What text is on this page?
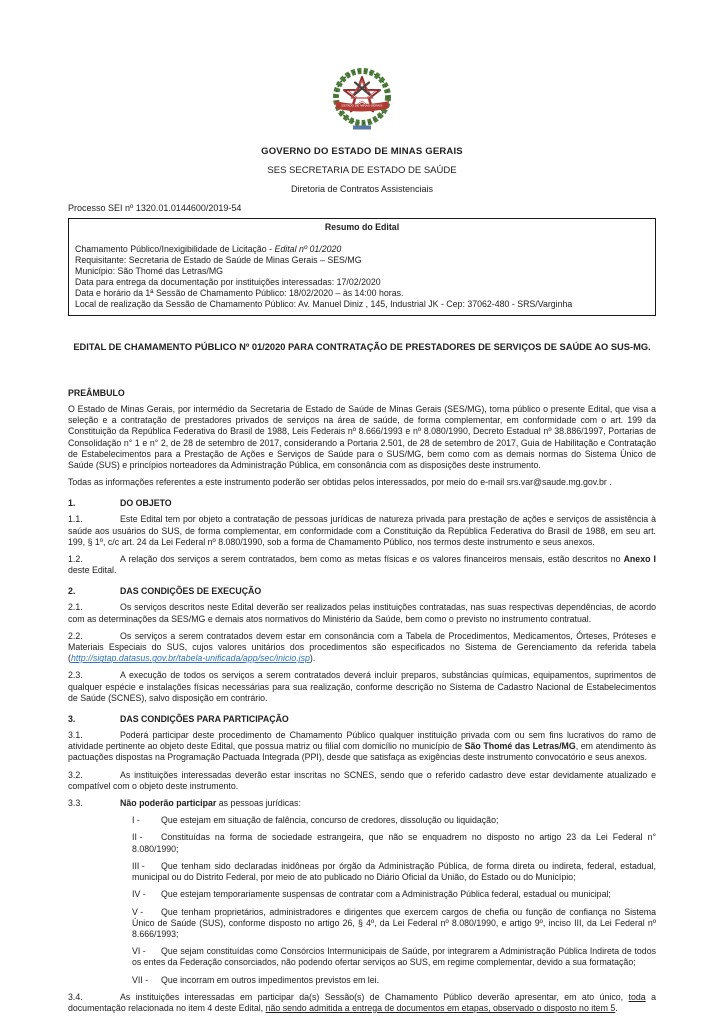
ESTADO DE MINAS GERAIS
GOVERNO DO ESTADO DE MINAS GERAIS
SES SECRETARIA DE ESTADO DE SAÚDE
Diretoria de Contratos Assistenciais
Processo SEI nº 1320.01.0144600/2019-54
Resumo do Edital
Chamamento Público/Inexigibilidade de Licitação - Edital nº 01/2020
Requisitante: Secretaria de Estado de Saúde de Minas Gerais – SES/MG
Município: São Thomé das Letras/MG
Data para entrega da documentação por instituições interessadas: 17/02/2020
Data e horário da 1ª Sessão de Chamamento Público: 18/02/2020 – às 14:00 horas.
Local de realização da Sessão de Chamamento Público: Av. Manuel Diniz , 145, Industrial JK - Cep: 37062-480 - SRS/Varginha
EDITAL DE CHAMAMENTO PÚBLICO Nº 01/2020 PARA CONTRATAÇÃO DE PRESTADORES DE SERVIÇOS DE SAÚDE AO SUS-MG.
PREÂMBULO

O Estado de Minas Gerais, por intermédio da Secretaria de Estado de Saúde de Minas Gerais (SES/MG), torna público o presente Edital, que visa a seleção e a contratação de prestadores privados de serviços na área de saúde, de forma complementar, em conformidade com o art. 199 da Constituição da República Federativa do Brasil de 1988, Leis Federais nº 8.666/1993 e nº 8.080/1990, Decreto Estadual nº 38.886/1997, Portarias de Consolidação n° 1 e n° 2, de 28 de setembro de 2017, considerando a Portaria 2.501, de 28 de setembro de 2017, Guia de Habilitação e Contratação de Estabelecimentos para a Prestação de Ações e Serviços de Saúde para o SUS/MG, bem como com as demais normas do Sistema Único de Saúde (SUS) e princípios norteadores da Administração Pública, em consonância com as disposições deste instrumento.

Todas as informações referentes a este instrumento poderão ser obtidas pelos interessados, por meio do e-mail srs.var@saude.mg.gov.br .

1.	DO OBJETO

1.1.	Este Edital tem por objeto a contratação de pessoas jurídicas de natureza privada para prestação de ações e serviços de assistência à saúde aos usuários do SUS, de forma complementar, em conformidade com a Constituição da República Federativa do Brasil de 1988, em seu art. 199, § 1º, c/c art. 24 da Lei Federal nº 8.080/1990, sob a forma de Chamamento Público, nos termos deste instrumento e seus anexos.

1.2.	A relação dos serviços a serem contratados, bem como as metas físicas e os valores financeiros mensais, estão descritos no Anexo I deste Edital.

2.	DAS CONDIÇÕES DE EXECUÇÃO

2.1.	Os serviços descritos neste Edital deverão ser realizados pelas instituições contratadas, nas suas respectivas dependências, de acordo com as determinações da SES/MG e demais atos normativos do Ministério da Saúde, bem como o previsto no instrumento contratual.

2.2.	Os serviços a serem contratados devem estar em consonância com a Tabela de Procedimentos, Medicamentos, Órteses, Próteses e Materiais Especiais do SUS, cujos valores unitários dos procedimentos são especificados no Sistema de Gerenciamento da referida tabela (http://sigtap.datasus.gov.br/tabela-unificada/app/sec/inicio.jsp).

2.3.	A execução de todos os serviços a serem contratados deverá incluir preparos, substâncias químicas, equipamentos, suprimentos de qualquer espécie e instalações físicas necessárias para sua realização, conforme descrição no Sistema de Cadastro Nacional de Estabelecimentos de Saúde (SCNES), salvo disposição em contrário.

3.	DAS CONDIÇÕES PARA PARTICIPAÇÃO

3.1.	Poderá participar deste procedimento de Chamamento Público qualquer instituição privada com ou sem fins lucrativos do ramo de atividade pertinente ao objeto deste Edital, que possua matriz ou filial com domicílio no município de São Thomé das Letras/MG, em atendimento às pactuações dispostas na Programação Pactuada Integrada (PPI), desde que satisfaça as exigências deste instrumento convocatório e seus anexos.

3.2.	As instituições interessadas deverão estar inscritas no SCNES, sendo que o referido cadastro deve estar devidamente atualizado e compatível com o objeto deste instrumento.

3.3.	Não poderão participar as pessoas jurídicas:

I - Que estejam em situação de falência, concurso de credores, dissolução ou liquidação;

II - Constituídas na forma de sociedade estrangeira, que não se enquadrem no disposto no artigo 23 da Lei Federal n° 8.080/1990;

III - Que tenham sido declaradas inidôneas por órgão da Administração Pública, de forma direta ou indireta, federal, estadual, municipal ou do Distrito Federal, por meio de ato publicado no Diário Oficial da União, do Estado ou do Município;

IV - Que estejam temporariamente suspensas de contratar com a Administração Pública federal, estadual ou municipal;

V - Que tenham proprietários, administradores e dirigentes que exercem cargos de chefia ou função de confiança no Sistema Único de Saúde (SUS), conforme disposto no artigo 26, § 4º, da Lei Federal nº 8.080/1990, e artigo 9º, inciso III, da Lei Federal nº 8.666/1993;

VI - Que sejam constituídas como Consórcios Intermunicipais de Saúde, por integrarem a Administração Pública Indireta de todos os entes da Federação consorciados, não podendo ofertar serviços ao SUS, em regime complementar, devido a sua formatação;

VII - Que incorram em outros impedimentos previstos em lei.

3.4.	As instituições interessadas em participar da(s) Sessão(s) de Chamamento Público deverão apresentar, em ato único, toda a documentação relacionada no item 4 deste Edital, não sendo admitida a entrega de documentos em etapas, observado o disposto no item 5.
